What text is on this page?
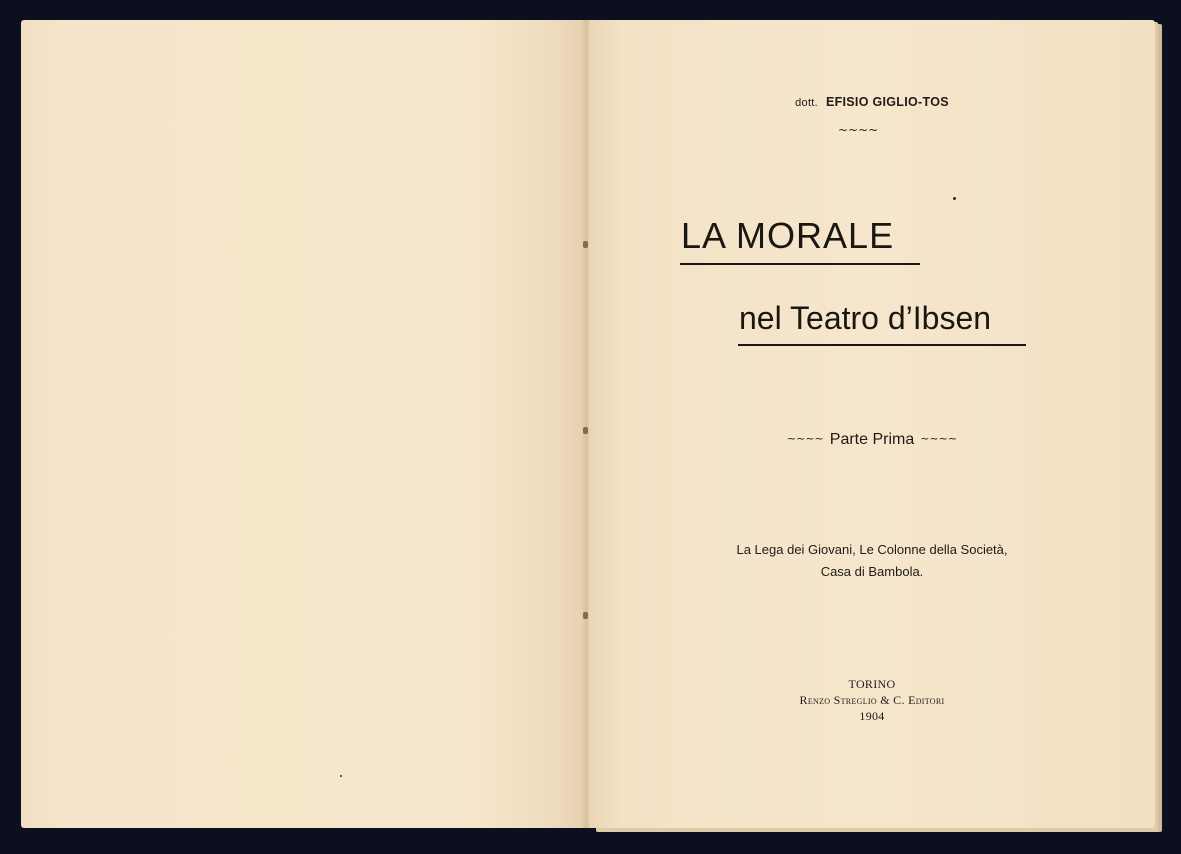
dott. EFISIO GIGLIO-TOS
~~~~
LA MORALE
nel Teatro d’Ibsen
~~~~ Parte Prima ~~~~
La Lega dei Giovani, Le Colonne della Società,
Casa di Bambola.
TORINO
Renzo Streglio & C. Editori
1904
